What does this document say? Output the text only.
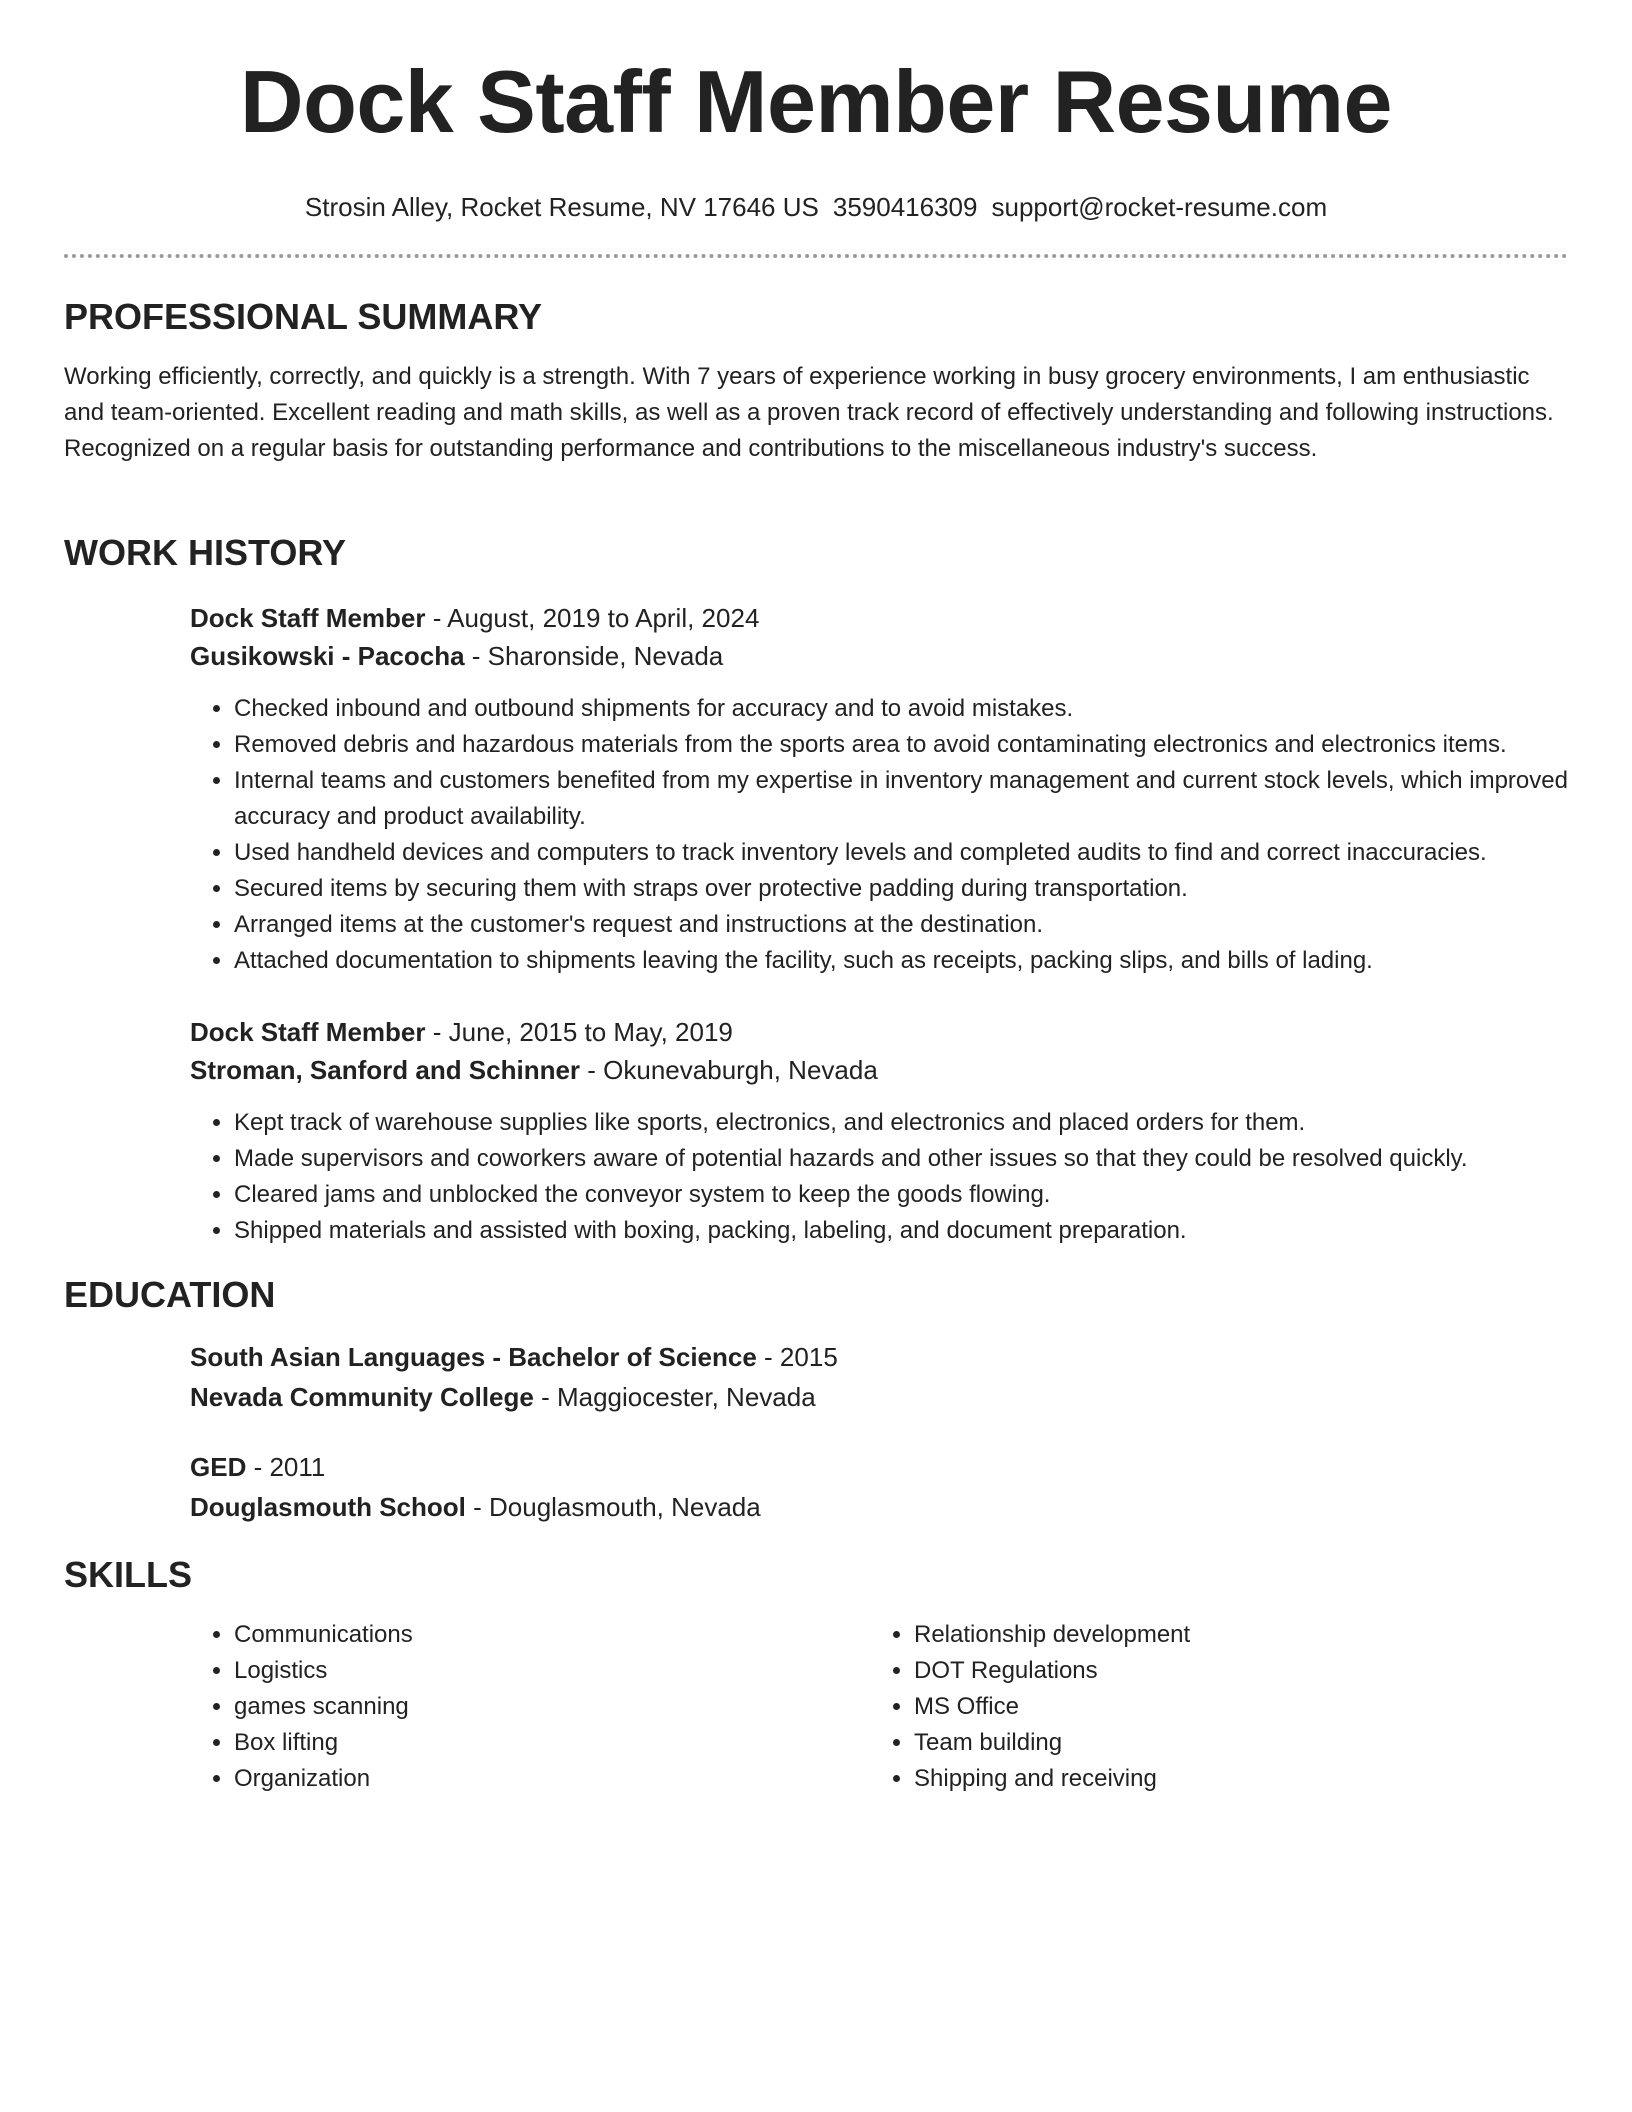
Dock Staff Member Resume
Strosin Alley, Rocket Resume, NV 17646 US 3590416309 support@rocket-resume.com
PROFESSIONAL SUMMARY

Working efficiently, correctly, and quickly is a strength. With 7 years of experience working in busy grocery environments, I am enthusiastic and team-oriented. Excellent reading and math skills, as well as a proven track record of effectively understanding and following instructions. Recognized on a regular basis for outstanding performance and contributions to the miscellaneous industry's success.

WORK HISTORY

Dock Staff Member - August, 2019 to April, 2024

Gusikowski - Pacocha - Sharonside, Nevada

• Checked inbound and outbound shipments for accuracy and to avoid mistakes.
• Removed debris and hazardous materials from the sports area to avoid contaminating electronics and electronics items.
• Internal teams and customers benefited from my expertise in inventory management and current stock levels, which improved accuracy and product availability.
• Used handheld devices and computers to track inventory levels and completed audits to find and correct inaccuracies.
• Secured items by securing them with straps over protective padding during transportation.
• Arranged items at the customer's request and instructions at the destination.
• Attached documentation to shipments leaving the facility, such as receipts, packing slips, and bills of lading.

Dock Staff Member - June, 2015 to May, 2019

Stroman, Sanford and Schinner - Okunevaburgh, Nevada

• Kept track of warehouse supplies like sports, electronics, and electronics and placed orders for them.
• Made supervisors and coworkers aware of potential hazards and other issues so that they could be resolved quickly.
• Cleared jams and unblocked the conveyor system to keep the goods flowing.
• Shipped materials and assisted with boxing, packing, labeling, and document preparation.
EDUCATION

South Asian Languages - Bachelor of Science - 2015

Nevada Community College - Maggiocester, Nevada

GED - 2011

Douglasmouth School - Douglasmouth, Nevada

SKILLS
• Communications
• Logistics
• games scanning
• Box lifting
• Organization
• Relationship development
• DOT Regulations
• MS Office
• Team building
• Shipping and receiving
